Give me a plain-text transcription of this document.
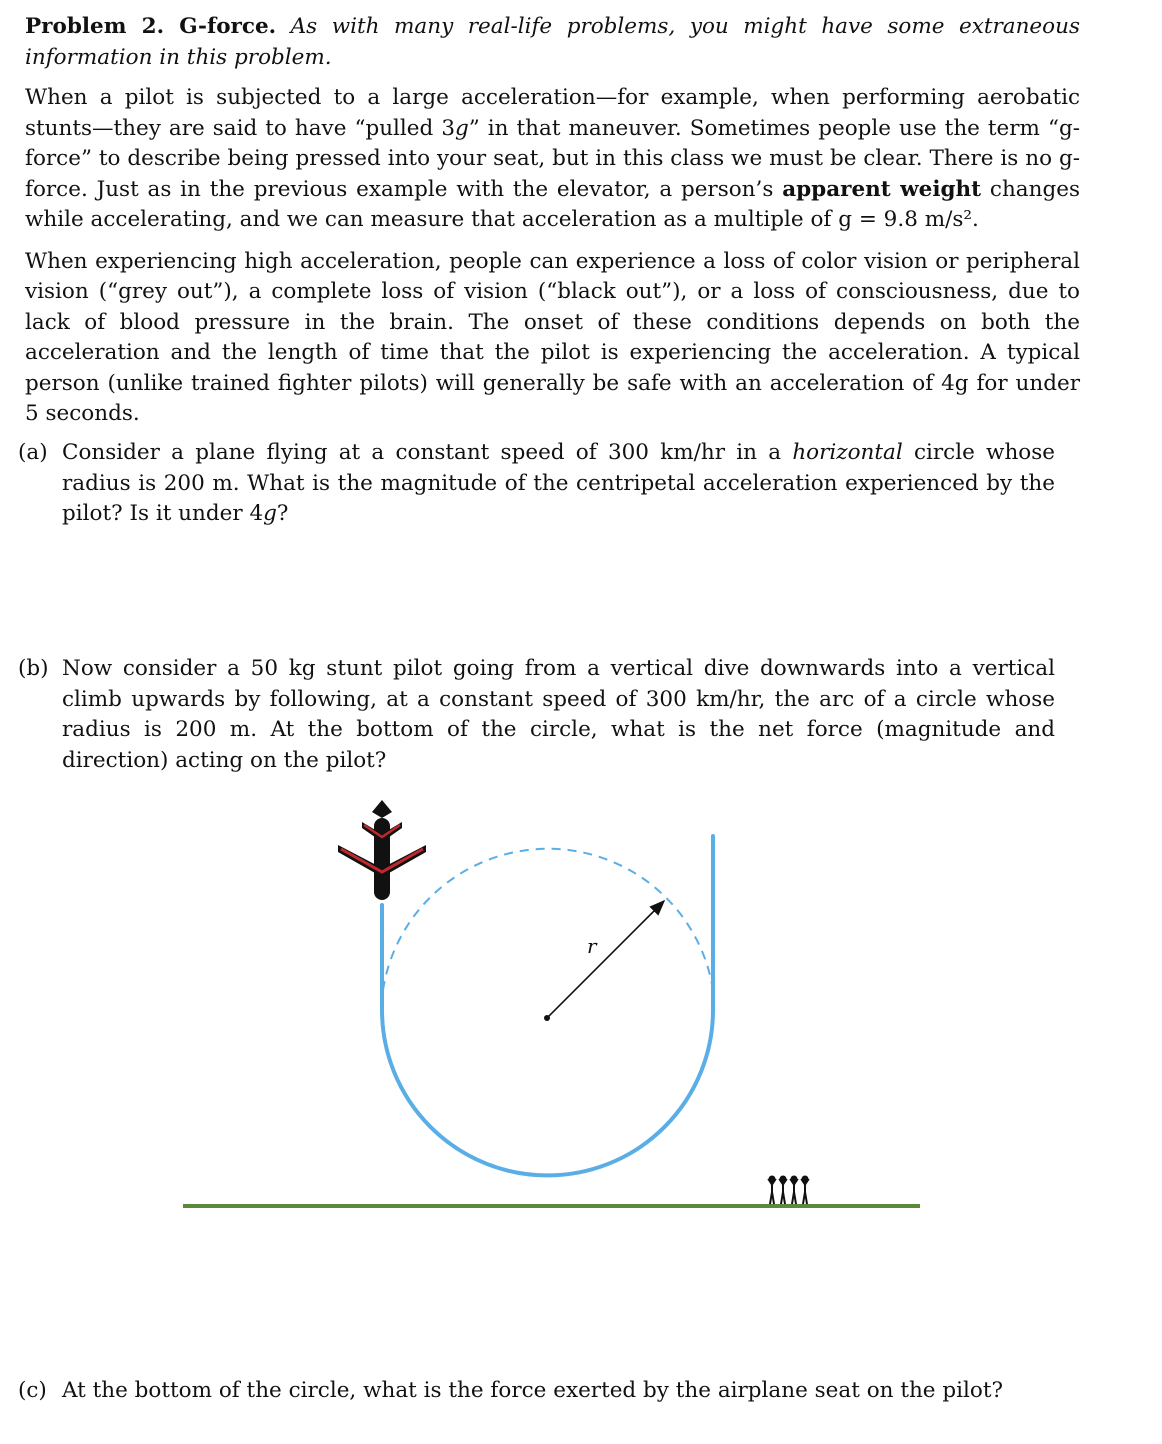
Problem 2. G-force. As with many real-life problems, you might have some extraneous information in this problem.

When a pilot is subjected to a large acceleration—for example, when performing aerobatic stunts—they are said to have “pulled 3g” in that maneuver. Sometimes people use the term “g-force” to describe being pressed into your seat, but in this class we must be clear. There is no g-force. Just as in the previous example with the elevator, a person’s apparent weight changes while accelerating, and we can measure that acceleration as a multiple of g = 9.8 m/s².

When experiencing high acceleration, people can experience a loss of color vision or peripheral vision (“grey out”), a complete loss of vision (“black out”), or a loss of consciousness, due to lack of blood pressure in the brain. The onset of these conditions depends on both the acceleration and the length of time that the pilot is experiencing the acceleration. A typical person (unlike trained fighter pilots) will generally be safe with an acceleration of 4g for under 5 seconds.

(a) Consider a plane flying at a constant speed of 300 km/hr in a horizontal circle whose radius is 200 m. What is the magnitude of the centripetal acceleration experienced by the pilot? Is it under 4g?
(b) Now consider a 50 kg stunt pilot going from a vertical dive downwards into a vertical climb upwards by following, at a constant speed of 300 km/hr, the arc of a circle whose radius is 200 m. At the bottom of the circle, what is the net force (magnitude and direction) acting on the pilot?
r
(c) At the bottom of the circle, what is the force exerted by the airplane seat on the pilot?
